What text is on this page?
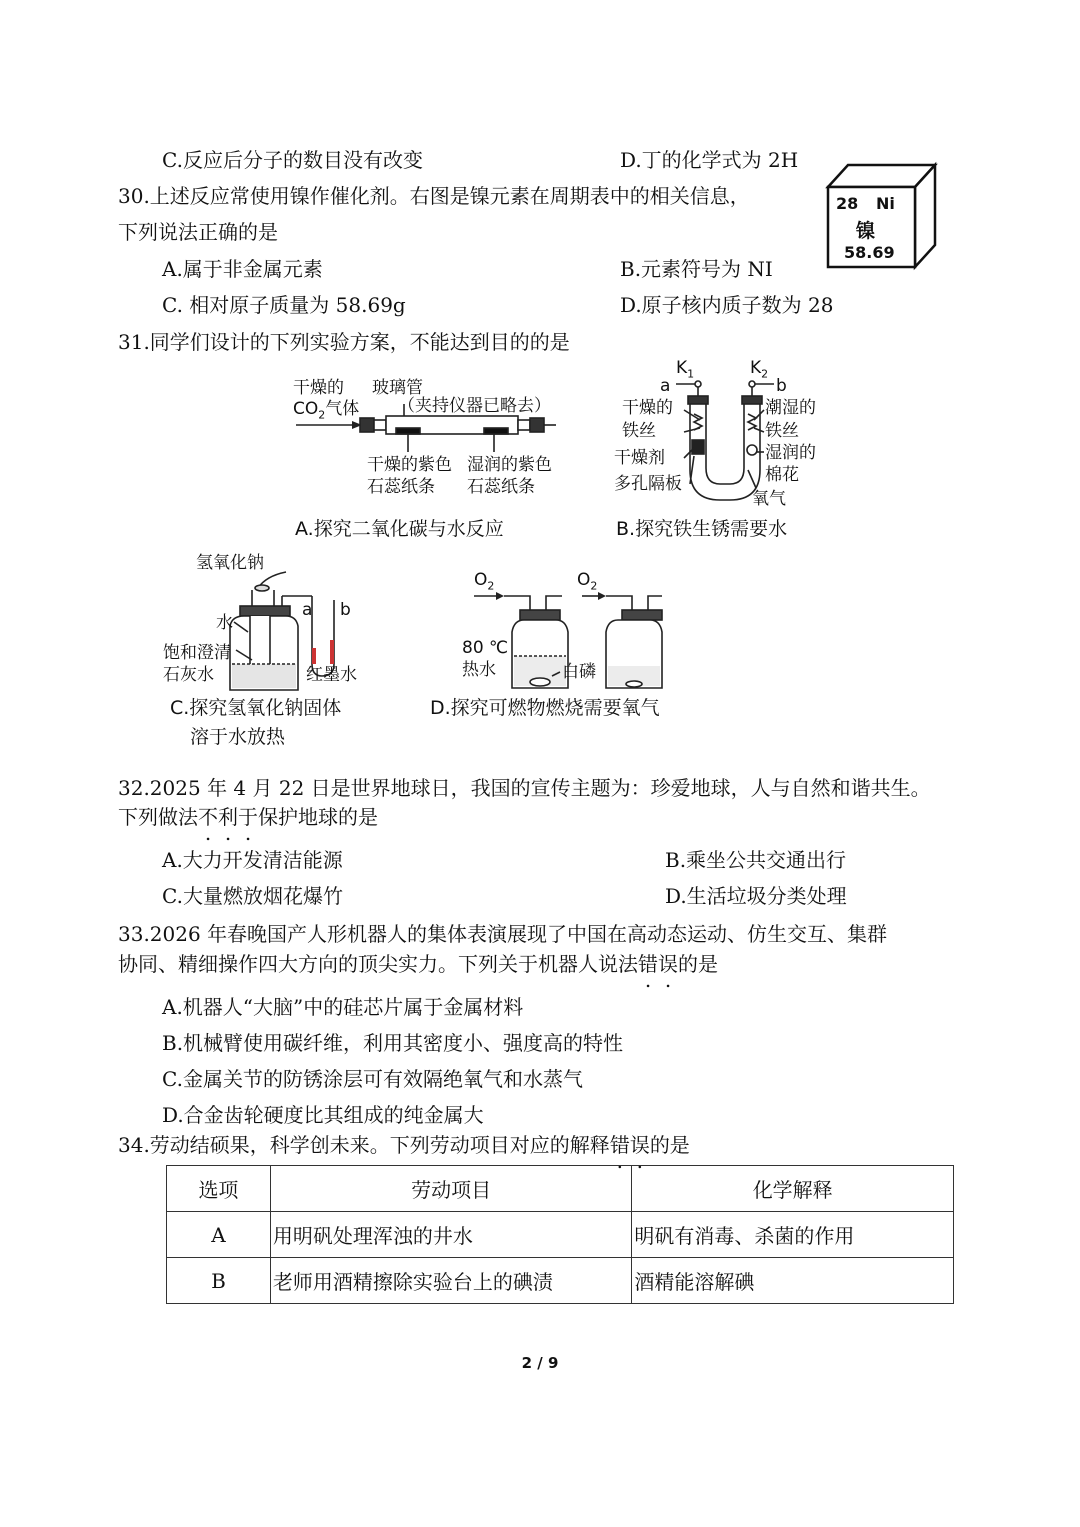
C.反应后分子的数目没有改变	D.丁的化学式为 2H
30.上述反应常使用镍作催化剂。右图是镍元素在周期表中的相关信息，
下列说法正确的是
A.属于非金属元素	B.元素符号为 NI
C. 相对原子质量为 58.69g	D.原子核内质子数为 28
28 Ni
镍
58.69
31.同学们设计的下列实验方案，不能达到目的的是
干燥的
$CO_2$气体
玻璃管
（夹持仪器已略去）
干燥的紫色
石蕊纸条
湿润的紫色
石蕊纸条
A.探究二氧化碳与水反应
$K_1$	$K_2$
a	b
干燥的
铁丝
干燥剂
多孔隔板
潮湿的
铁丝
湿润的
棉花
氧气
B.探究铁生锈需要水
氢氧化钠
水
饱和澄清
石灰水
a b
红墨水
C.探究氢氧化钠固体
溶于水放热
$O_2$	$O_2$
80 ℃
热水	白磷
D.探究可燃物燃烧需要氧气
32.2025 年 4 月 22 日是世界地球日，我国的宣传主题为：珍爱地球，人与自然和谐共生。
下列做法不利于保护地球的是
A.大力开发清洁能源	B.乘坐公共交通出行
C.大量燃放烟花爆竹	D.生活垃圾分类处理
33.2026 年春晚国产人形机器人的集体表演展现了中国在高动态运动、仿生交互、集群
协同、精细操作四大方向的顶尖实力。下列关于机器人说法错误的是
A.机器人“大脑”中的硅芯片属于金属材料
B.机械臂使用碳纤维，利用其密度小、强度高的特性
C.金属关节的防锈涂层可有效隔绝氧气和水蒸气
D.合金齿轮硬度比其组成的纯金属大
34.劳动结硕果，科学创未来。下列劳动项目对应的解释错误的是
选项	劳动项目	化学解释
A	用明矾处理浑浊的井水	明矾有消毒、杀菌的作用
B	老师用酒精擦除实验台上的碘渍	酒精能溶解碘
2 / 9
